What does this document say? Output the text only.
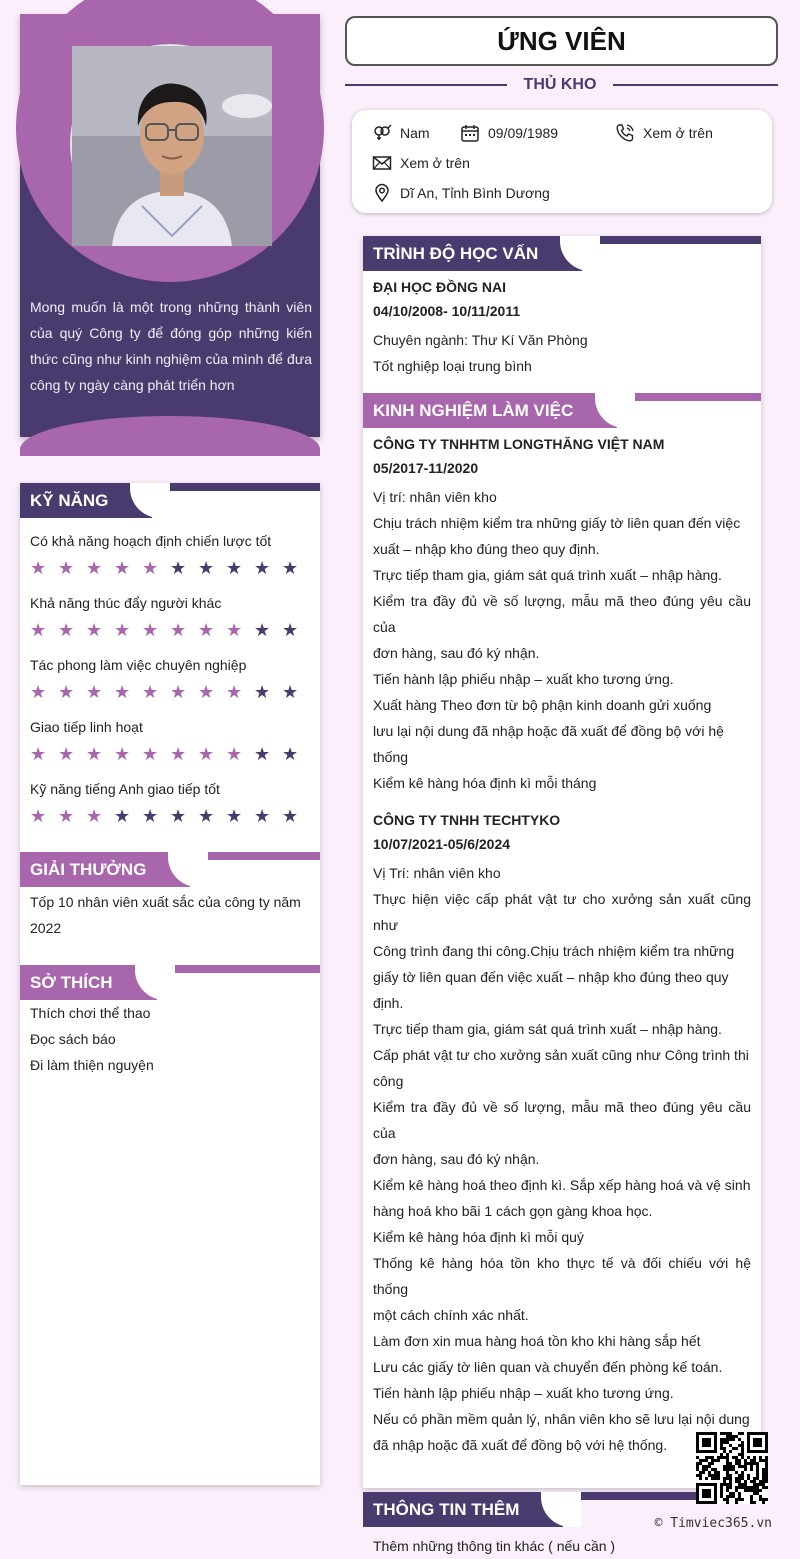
Mong muốn là một trong những thành viên của quý Công ty để đóng góp những kiến thức cũng như kinh nghiệm của mình để đưa công ty ngày càng phát triển hơn
KỸ NĂNG
Có khả năng hoạch định chiến lược tốt
★ ★ ★ ★ ★ ★ ★ ★ ★ ★
Khả năng thúc đẩy người khác
★ ★ ★ ★ ★ ★ ★ ★ ★ ★
Tác phong làm việc chuyên nghiệp
★ ★ ★ ★ ★ ★ ★ ★ ★ ★
Giao tiếp linh hoạt
★ ★ ★ ★ ★ ★ ★ ★ ★ ★
Kỹ năng tiếng Anh giao tiếp tốt
★ ★ ★ ★ ★ ★ ★ ★ ★ ★
GIẢI THƯỞNG
Tốp 10 nhân viên xuất sắc của công ty năm
2022
SỞ THÍCH
Thích chơi thể thao
Đọc sách báo
Đi làm thiện nguyện
ỨNG VIÊN
THỦ KHO
Nam	09/09/1989	Xem ở trên
Xem ở trên
Dĩ An, Tỉnh Bình Dương
TRÌNH ĐỘ HỌC VẤN
ĐẠI HỌC ĐỒNG NAI
04/10/2008- 10/11/2011
Chuyên ngành: Thư Kí Văn Phòng
Tốt nghiệp loại trung bình
KINH NGHIỆM LÀM VIỆC
CÔNG TY TNHHTM LONGTHĂNG VIỆT NAM
05/2017-11/2020
Vị trí: nhân viên kho
Chịu trách nhiệm kiểm tra những giấy tờ liên quan đến việc
xuất – nhập kho đúng theo quy định.
Trực tiếp tham gia, giám sát quá trình xuất – nhập hàng.
Kiểm tra đầy đủ về số lượng, mẫu mã theo đúng yêu cầu của
đơn hàng, sau đó ký nhận.
Tiến hành lập phiếu nhập – xuất kho tương ứng.
Xuất hàng Theo đơn từ bộ phận kinh doanh gửi xuống
lưu lại nội dung đã nhập hoặc đã xuất để đồng bộ với hệ
thống
Kiểm kê hàng hóa định kì mỗi tháng
CÔNG TY TNHH TECHTYKO
10/07/2021-05/6/2024
Vị Trí: nhân viên kho
Thực hiện việc cấp phát vật tư cho xưởng sản xuất cũng như
Công trình đang thi công.Chịu trách nhiệm kiểm tra những
giấy tờ liên quan đến việc xuất – nhập kho đúng theo quy
định.
Trực tiếp tham gia, giám sát quá trình xuất – nhập hàng.
Cấp phát vật tư cho xưởng sản xuất cũng như Công trình thi
công
Kiểm tra đầy đủ về số lượng, mẫu mã theo đúng yêu cầu của
đơn hàng, sau đó ký nhận.
Kiểm kê hàng hoá theo định kì. Sắp xếp hàng hoá và vệ sinh
hàng hoá kho bãi 1 cách gọn gàng khoa học.
Kiểm kê hàng hóa định kì mỗi quý
Thống kê hàng hóa tồn kho thực tế và đối chiếu với hệ thống
một cách chính xác nhất.
Làm đơn xin mua hàng hoá tồn kho khi hàng sắp hết
Lưu các giấy tờ liên quan và chuyển đến phòng kế toán.
Tiến hành lập phiếu nhập – xuất kho tương ứng.
Nếu có phần mềm quản lý, nhân viên kho sẽ lưu lại nội dung
đã nhập hoặc đã xuất để đồng bộ với hệ thống.
THÔNG TIN THÊM
Thêm những thông tin khác ( nếu cần )
© Timviec365.vn
